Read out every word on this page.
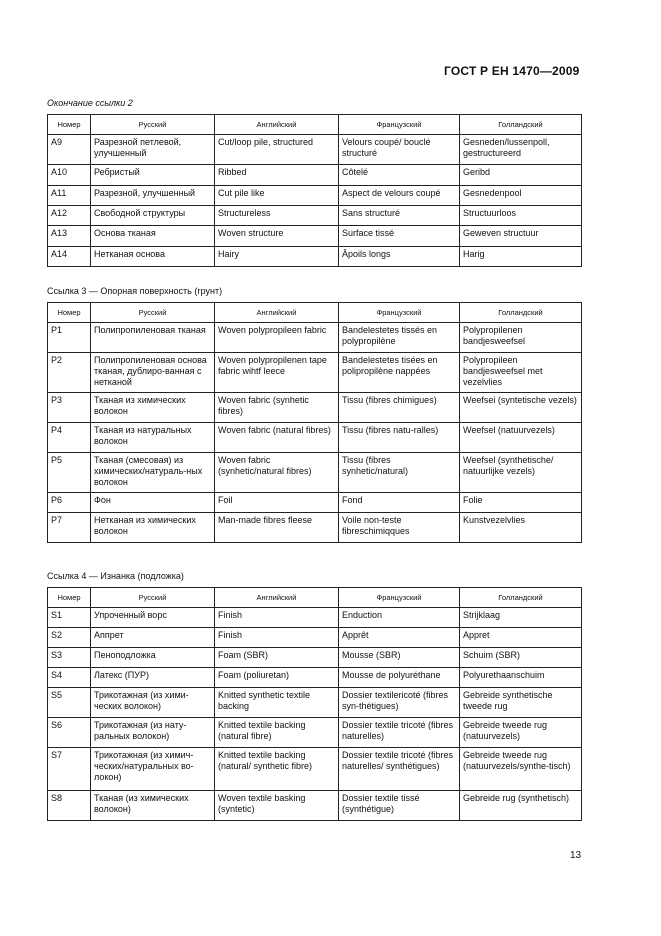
ГОСТ Р ЕН 1470—2009
Окончание ссылки 2
Номер	Русский	Английский	Французский	Голландский
A9	Разрезной петлевой, улучшенный	Cut/loop pile, structured	Velours coupé/ bouclé structuré	Gesneden/lussenpoll, gestructureerd
A10	Ребристый	Ribbed	Côtelé	Geribd
A11	Разрезной, улучшенный	Cut pile like	Aspect de velours coupé	Gesnedenpool
A12	Свободной структуры	Structureless	Sans structuré	Structuurloos
A13	Основа тканая	Woven structure	Surface tissé	Geweven structuur
A14	Нетканая основа	Hairy	Âpoils longs	Harig
Ссылка 3 — Опорная поверхность (грунт)
Номер	Русский	Английский	Французский	Голландский
P1	Полипропиленовая тканая	Woven polypropileen fabric	Bandelestetes tissés en polypropilène	Polypropilenen bandjesweefsel
P2	Полипропиленовая основа тканая, дублиро-ванная с нетканой	Woven polypropilenen tape fabric wihtf leece	Bandelestetes tisées en polipropilène nappées	Polypropileen bandjesweefsel met vezelvlies
P3	Тканая из химических волокон	Woven fabric (synhetic fibres)	Tissu (fibres chimigues)	Weefsei (syntetische vezels)
P4	Тканая из натуральных волокон	Woven fabric (natural fibres)	Tissu (fibres natu-ralles)	Weefsel (natuurvezels)
P5	Тканая (смесовая) из химических/натураль-ных волокон	Woven fabric (synhetic/natural fibres)	Tissu (fibres synhetic/natural)	Weefsel (synthetische/ natuurlijke vezels)
P6	Фон	Foil	Fond	Folie
P7	Нетканая из химических волокон	Man-made fibres fleese	Voile non-teste fibreschimiqques	Kunstvezelvlies
Ссылка 4 — Изнанка (подложка)
Номер	Русский	Английский	Французский	Голландский
S1	Упроченный ворс	Finish	Enduction	Strijklaag
S2	Аппрет	Finish	Apprêt	Appret
S3	Пеноподложка	Foam (SBR)	Mousse (SBR)	Schuim (SBR)
S4	Латекс (ПУР)	Foam (poliuretan)	Mousse de polyuréthane	Polyurethaanschuim
S5	Трикотажная (из хими-ческих волокон)	Knitted synthetic textile backing	Dossier textilericoté (fibres syn-thétigues)	Gebreide synthetische tweede rug
S6	Трикотажная (из нату-ральных волокон)	Knitted textile backing (natural fibre)	Dossier textile tricoté (fibres naturelles)	Gebreide tweede rug (natuurvezels)
S7	Трикотажная (из химич-ческих/натуральных во-локон)	Knitted textile backing (natural/ synthetic fibre)	Dossier textile tricoté (fibres naturelles/ synthétigues)	Gebreide tweede rug (natuurvezels/synthe-tisch)
S8	Тканая (из химических волокон)	Woven textile basking (syntetic)	Dossier textile tissé (synthétigue)	Gebreide rug (synthetisch)
13
